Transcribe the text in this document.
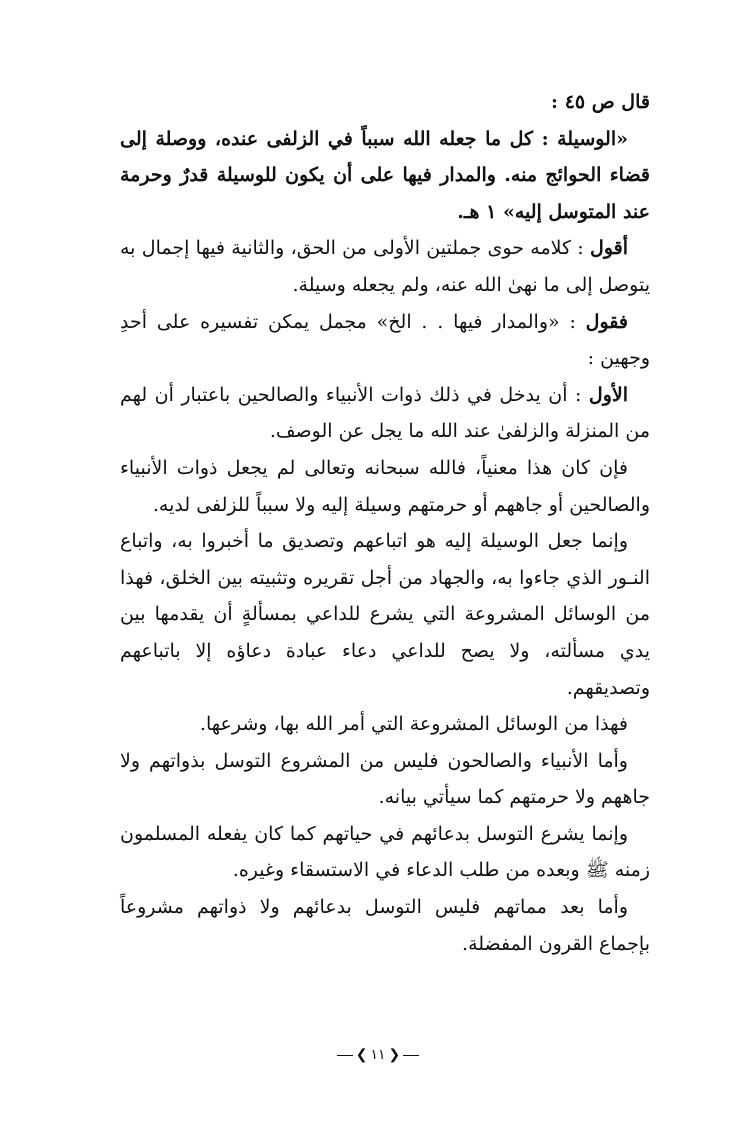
قال ص ٤٥ :

«الوسيلة : كل ما جعله الله سبباً في الزلفى عنده، ووصلة إلى قضاء الحوائج منه. والمدار فيها على أن يكون للوسيلة قدرٌ وحرمة عند المتوسل إليه» ١ هـ.

أقول : كلامه حوى جملتين الأولى من الحق، والثانية فيها إجمال به يتوصل إلى ما نهىٰ الله عنه، ولم يجعله وسيلة.

فقول : «والمدار فيها . . الخ» مجمل يمكن تفسيره على أحدِ وجهين :

الأول : أن يدخل في ذلك ذوات الأنبياء والصالحين باعتبار أن لهم من المنزلة والزلفىٰ عند الله ما يجل عن الوصف.

فإن كان هذا معنياً، فالله سبحانه وتعالى لم يجعل ذوات الأنبياء والصالحين أو جاههم أو حرمتهم وسيلة إليه ولا سبباً للزلفى لديه.

وإنما جعل الوسيلة إليه هو اتباعهم وتصديق ما أخبروا به، واتباع النـور الذي جاءوا به، والجهاد من أجل تقريره وتثبيته بين الخلق، فهذا من الوسائل المشروعة التي يشرع للداعي بمسألةٍ أن يقدمها بين يدي مسألته، ولا يصح للداعي دعاء عبادة دعاؤه إلا باتباعهم وتصديقهم.

فهذا من الوسائل المشروعة التي أمر الله بها، وشرعها.

وأما الأنبياء والصالحون فليس من المشروع التوسل بذواتهم ولا جاههم ولا حرمتهم كما سيأتي بيانه.

وإنما يشرع التوسل بدعائهم في حياتهم كما كان يفعله المسلمون زمنه ﷺ وبعده من طلب الدعاء في الاستسقاء وغيره.

وأما بعد مماتهم فليس التوسل بدعائهم ولا ذواتهم مشروعاً بإجماع القرون المفضلة.

❮ ١١ ❯
